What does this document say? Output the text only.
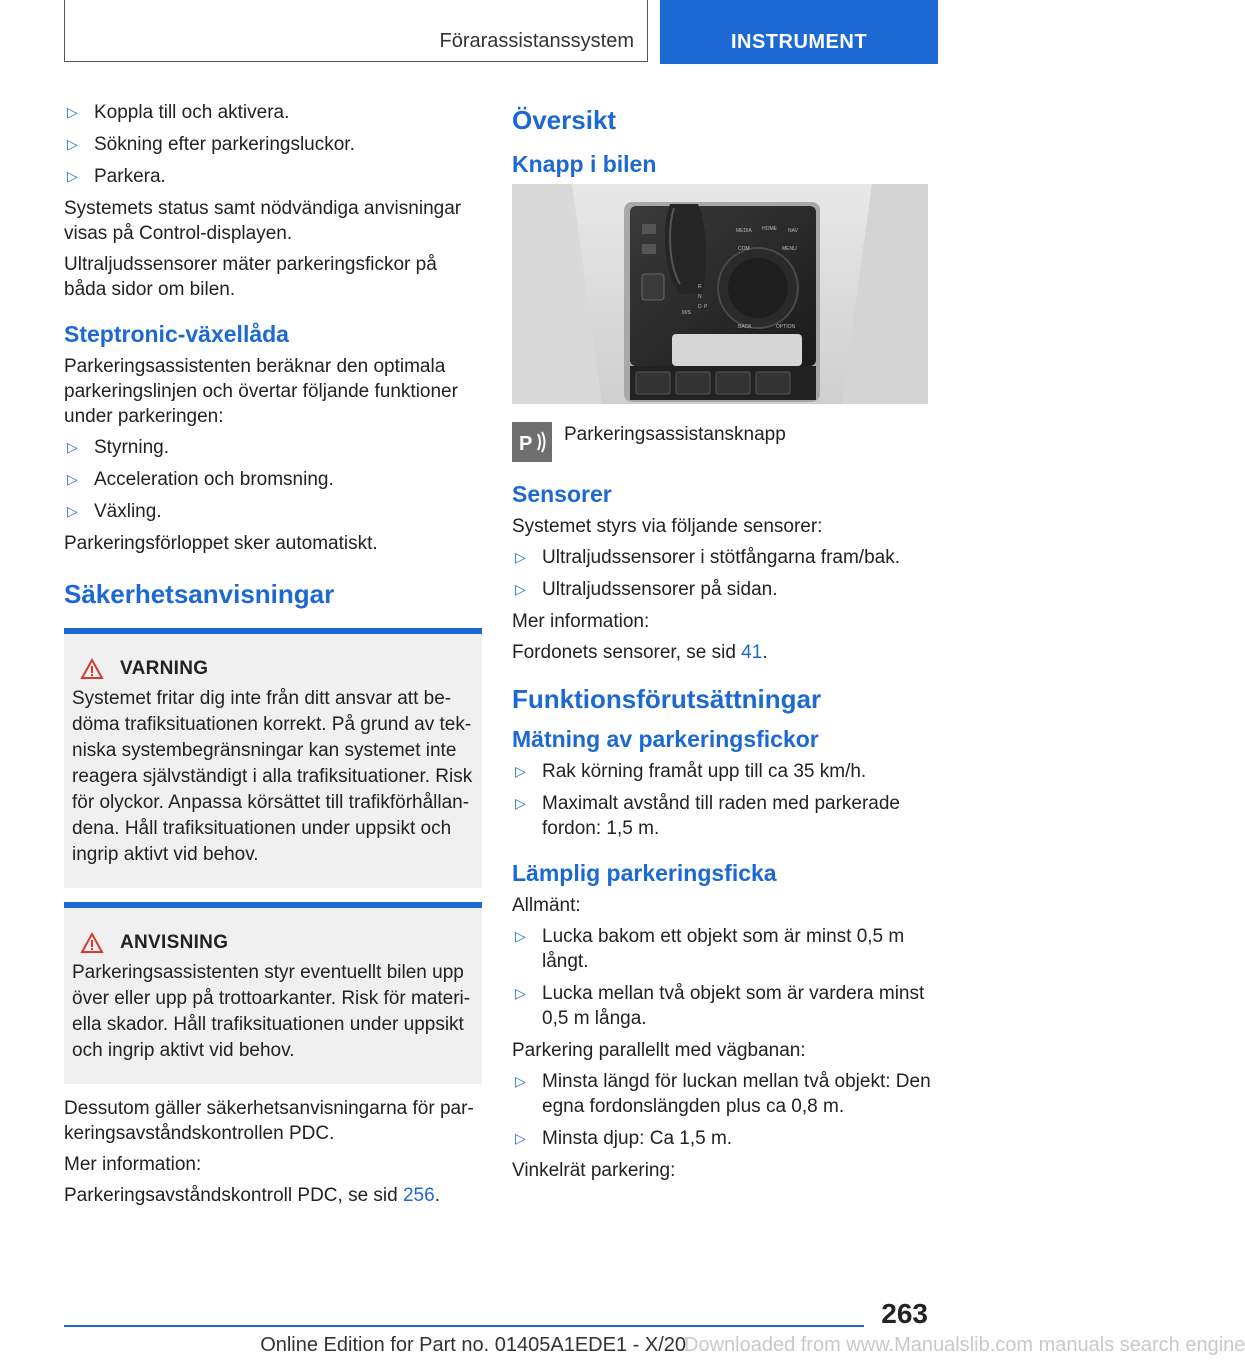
Förarassistanssystem	INSTRUMENT
▷ Koppla till och aktivera.
▷ Sökning efter parkeringsluckor.
▷ Parkera.

Systemets status samt nödvändiga anvisningar visas på Control-displayen.

Ultraljudssensorer mäter parkeringsfickor på båda sidor om bilen.

Steptronic-växellåda

Parkeringsassistenten beräknar den optimala parkeringslinjen och övertar följande funktioner under parkeringen:

▷ Styrning.
▷ Acceleration och bromsning.
▷ Växling.

Parkeringsförloppet sker automatiskt.

Säkerhetsanvisningar
VARNING
Systemet fritar dig inte från ditt ansvar att bedöma trafiksituationen korrekt. På grund av tekniska systembegränsningar kan systemet inte reagera självständigt i alla trafiksituationer. Risk för olyckor. Anpassa körsättet till trafikförhållandena. Håll trafiksituationen under uppsikt och ingrip aktivt vid behov.
ANVISNING
Parkeringsassistenten styr eventuellt bilen upp över eller upp på trottoarkanter. Risk för materiella skador. Håll trafiksituationen under uppsikt och ingrip aktivt vid behov.

Dessutom gäller säkerhetsanvisningarna för parkeringsavståndskontrollen PDC.

Mer information:

Parkeringsavståndskontroll PDC, se sid 256.

Översikt
Knapp i bilen
MEDIA HOME NAV
COM	MENU
BACK	OPTION
R
N
D P
M/S
P Parkeringsassistansknapp
Sensorer

Systemet styrs via följande sensorer:

▷ Ultraljudssensorer i stötfångarna fram/bak.
▷ Ultraljudssensorer på sidan.

Mer information:

Fordonets sensorer, se sid 41.

Funktionsförutsättningar
Mätning av parkeringsfickor
▷ Rak körning framåt upp till ca 35 km/h.
▷ Maximalt avstånd till raden med parkerade fordon: 1,5 m.
Lämplig parkeringsficka

Allmänt:

▷ Lucka bakom ett objekt som är minst 0,5 m långt.
▷ Lucka mellan två objekt som är vardera minst 0,5 m långa.

Parkering parallellt med vägbanan:

▷ Minsta längd för luckan mellan två objekt: Den egna fordonslängden plus ca 0,8 m.
▷ Minsta djup: Ca 1,5 m.

Vinkelrät parkering:

263
Online Edition for Part no. 01405A1EDE1 - X/20
Downloaded from www.Manualslib.com manuals search engine
